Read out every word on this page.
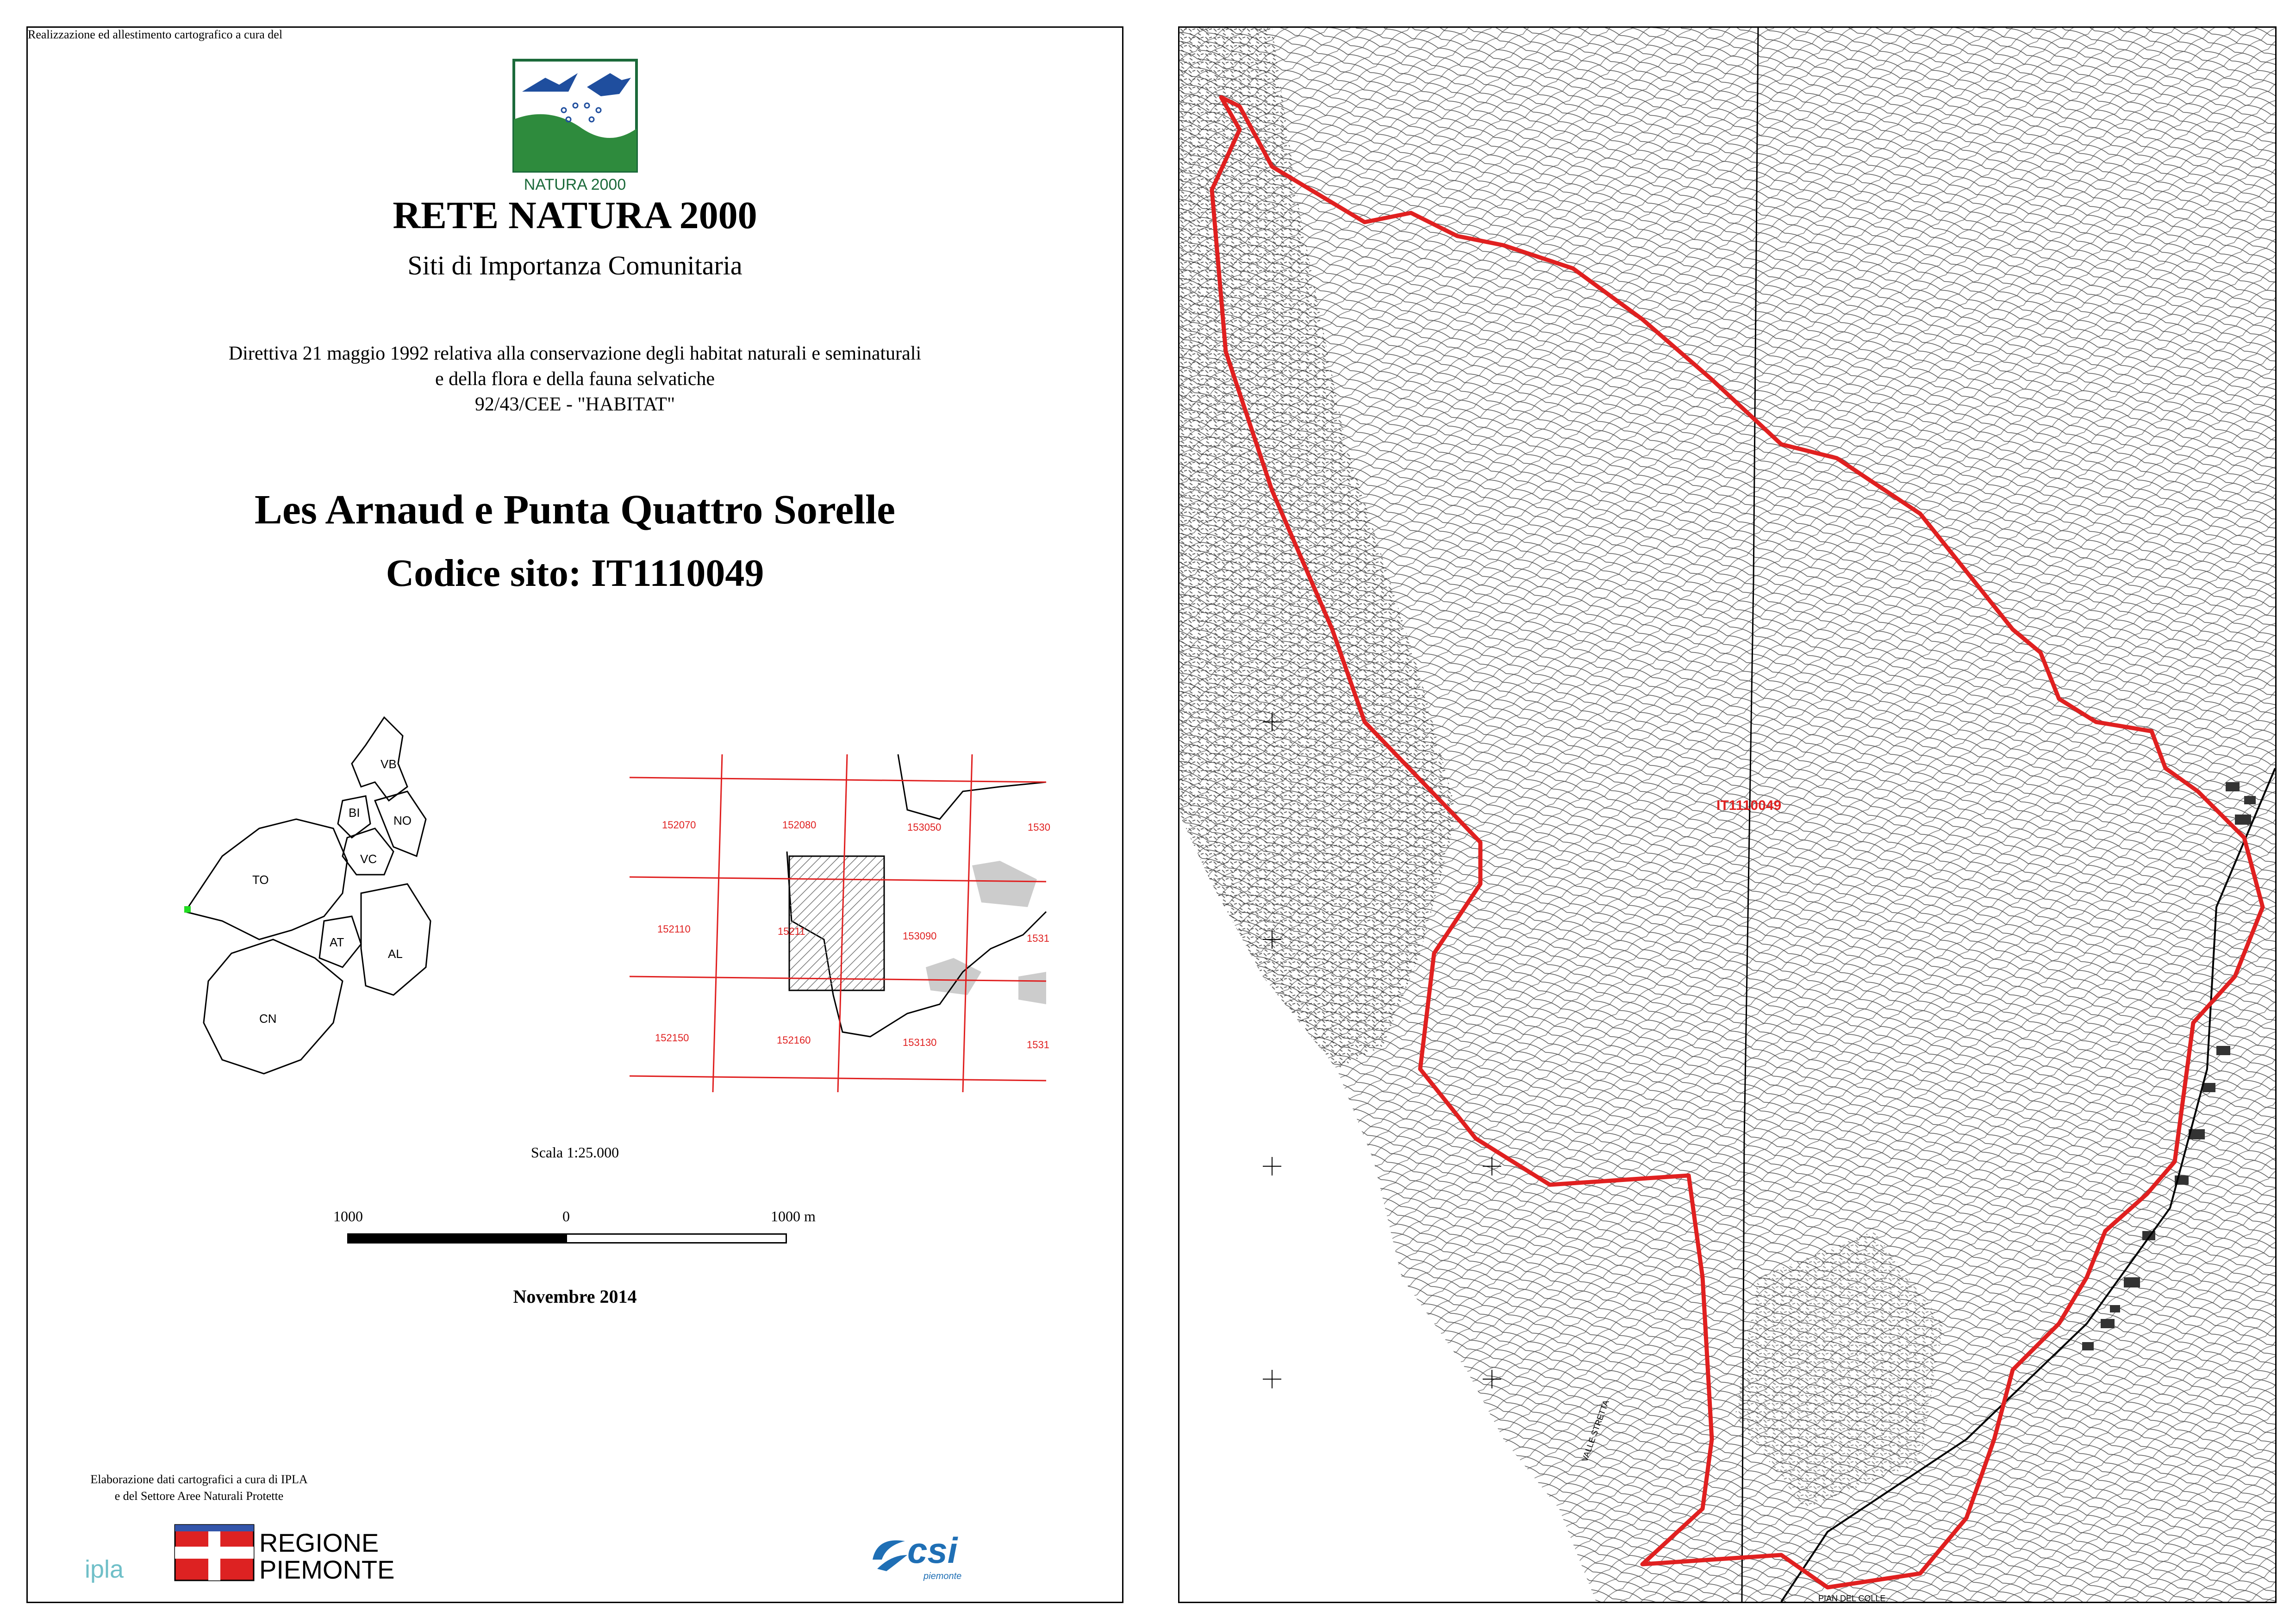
NATURA 2000
RETE NATURA 2000
Siti di Importanza Comunitaria
Direttiva 21 maggio 1992 relativa alla conservazione degli habitat naturali e seminaturali
e della flora e della fauna selvatiche
92/43/CEE - "HABITAT"
Les Arnaud e Punta Quattro Sorelle
Codice sito: IT1110049
VB
BI
NO
TO
VC
AT
AL
CN
152070	152080	153050	1530
152110	15211	153090	1531
152150	152160	153130	1531
Scala 1:25.000
1000	0	1000 m
Novembre 2014
Elaborazione dati cartografici a cura di IPLA
e del Settore Aree Naturali Protette
Realizzazione ed allestimento cartografico a cura del
ipla
REGIONE
PIEMONTE	csi
piemonte
IT1110049
PIAN DEL COLLE
VALLE STRETTA
